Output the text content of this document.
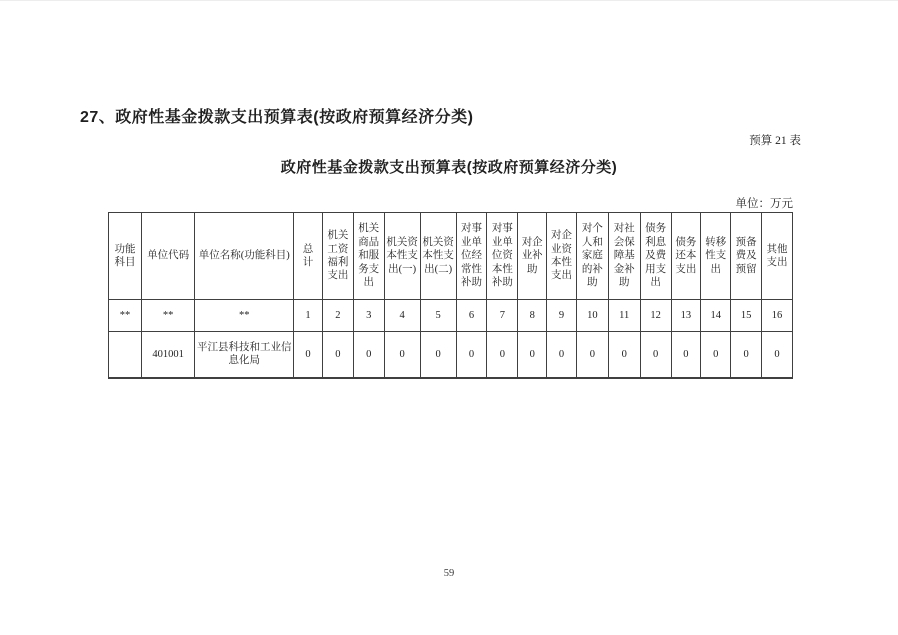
27、政府性基金拨款支出预算表(按政府预算经济分类)
预算 21 表
政府性基金拨款支出预算表(按政府预算经济分类)
单位：万元
功能科目	单位代码	单位名称(功能科目)	总计	机关工资福利支出	机关商品和服务支出	机关资本性支出(一)	机关资本性支出(二)	对事业单位经常性补助	对事业单位资本性补助	对企业补助	对企业资本性支出	对个人和家庭的补助	对社会保障基金补助	债务利息及费用支出	债务还本支出	转移性支出	预备费及预留	其他支出
**	**	**	1	2	3	4	5	6	7	8	9	10	11	12	13	14	15	16
	401001	平江县科技和工业信息化局	0	0	0	0	0	0	0	0	0	0	0	0	0	0	0	0
59
